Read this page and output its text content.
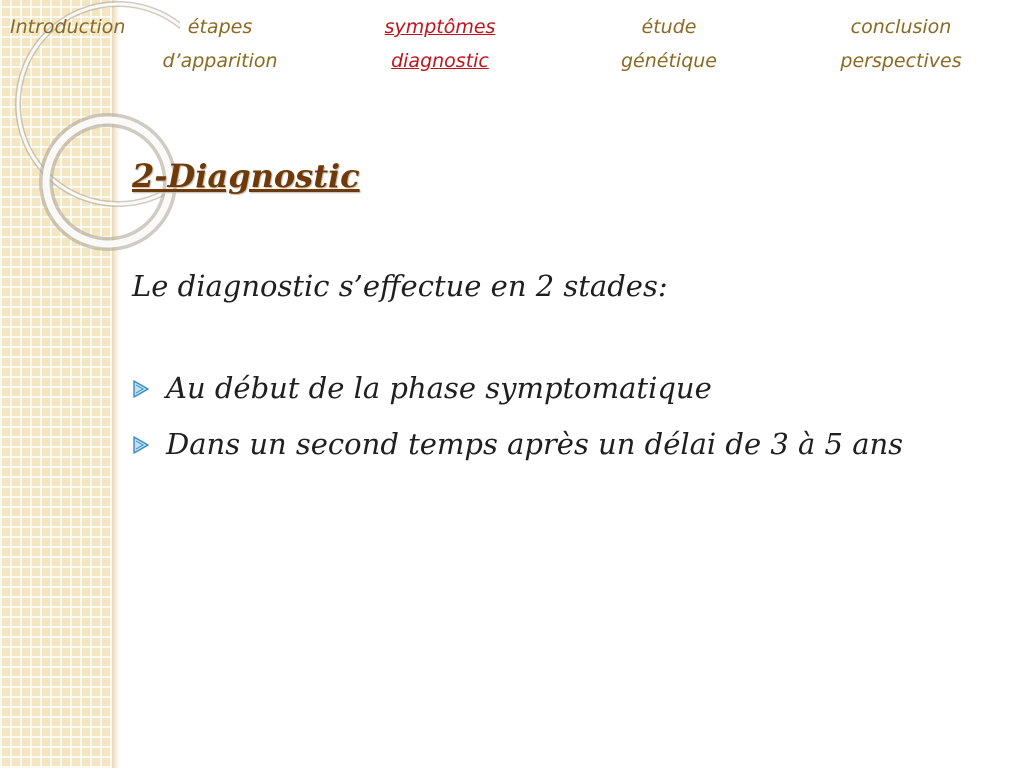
Introduction	étapes
d’apparition
symptômes
diagnostic
étude
génétique
conclusion
perspectives
2-Diagnostic
Le diagnostic s’effectue en 2 stades:
Au début de la phase symptomatique
Dans un second temps après un délai de 3 à 5 ans
